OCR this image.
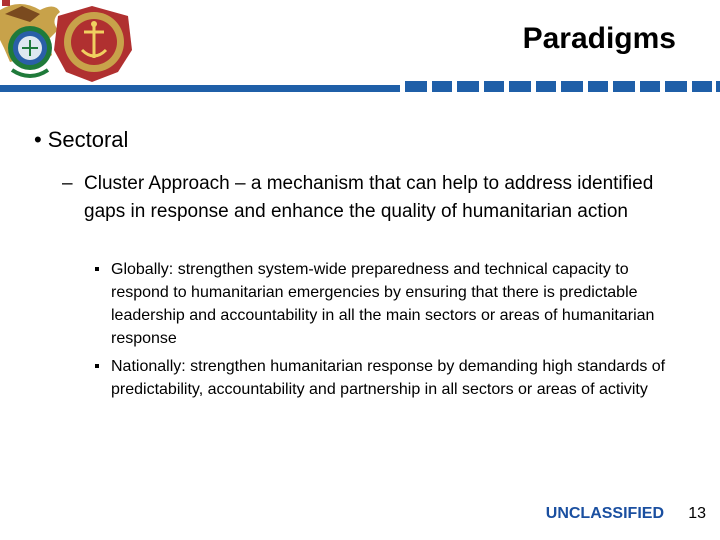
Paradigms
• Sectoral
– Cluster Approach – a mechanism that can help to address identified gaps in response and enhance the quality of humanitarian action
Globally: strengthen system-wide preparedness and technical capacity to respond to humanitarian emergencies by ensuring that there is predictable leadership and accountability in all the main sectors or areas of humanitarian response
Nationally: strengthen humanitarian response by demanding high standards of predictability, accountability and partnership in all sectors or areas of activity
UNCLASSIFIED 13
